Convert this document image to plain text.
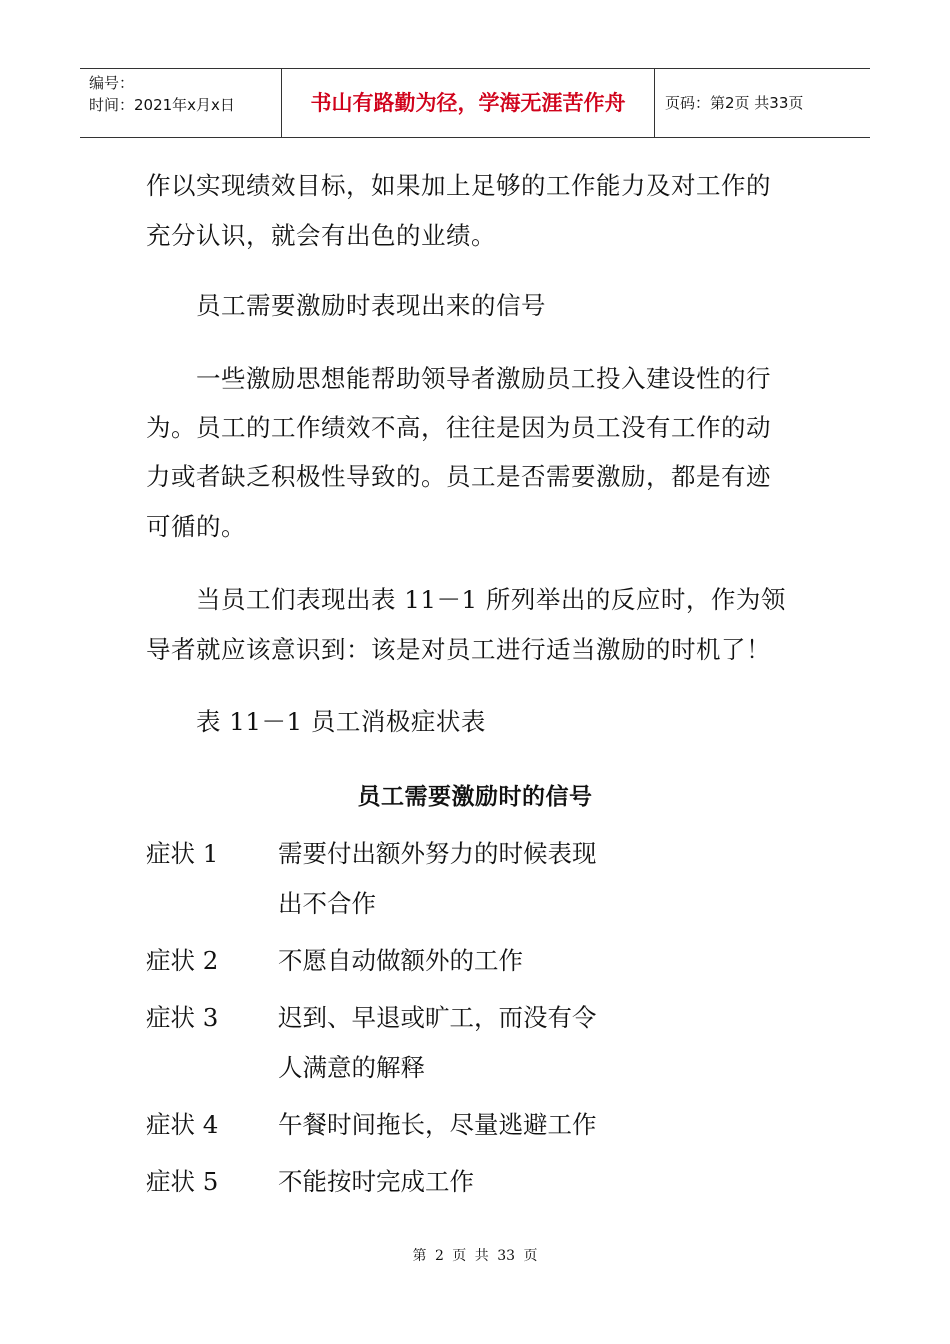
编号：
时间：2021年x月x日	书山有路勤为径，学海无涯苦作舟	页码：第2页 共33页
作以实现绩效目标，如果加上足够的工作能力及对工作的
充分认识，就会有出色的业绩。
员工需要激励时表现出来的信号
一些激励思想能帮助领导者激励员工投入建设性的行
为。员工的工作绩效不高，往往是因为员工没有工作的动
力或者缺乏积极性导致的。员工是否需要激励，都是有迹
可循的。
当员工们表现出表 11－1 所列举出的反应时，作为领
导者就应该意识到：该是对员工进行适当激励的时机了！
表 11－1 员工消极症状表
员工需要激励时的信号
症状 1 需要付出额外努力的时候表现
出不合作
症状 2 不愿自动做额外的工作
症状 3 迟到、早退或旷工，而没有令
人满意的解释
症状 4 午餐时间拖长，尽量逃避工作
症状 5 不能按时完成工作
第 2 页 共 33 页
